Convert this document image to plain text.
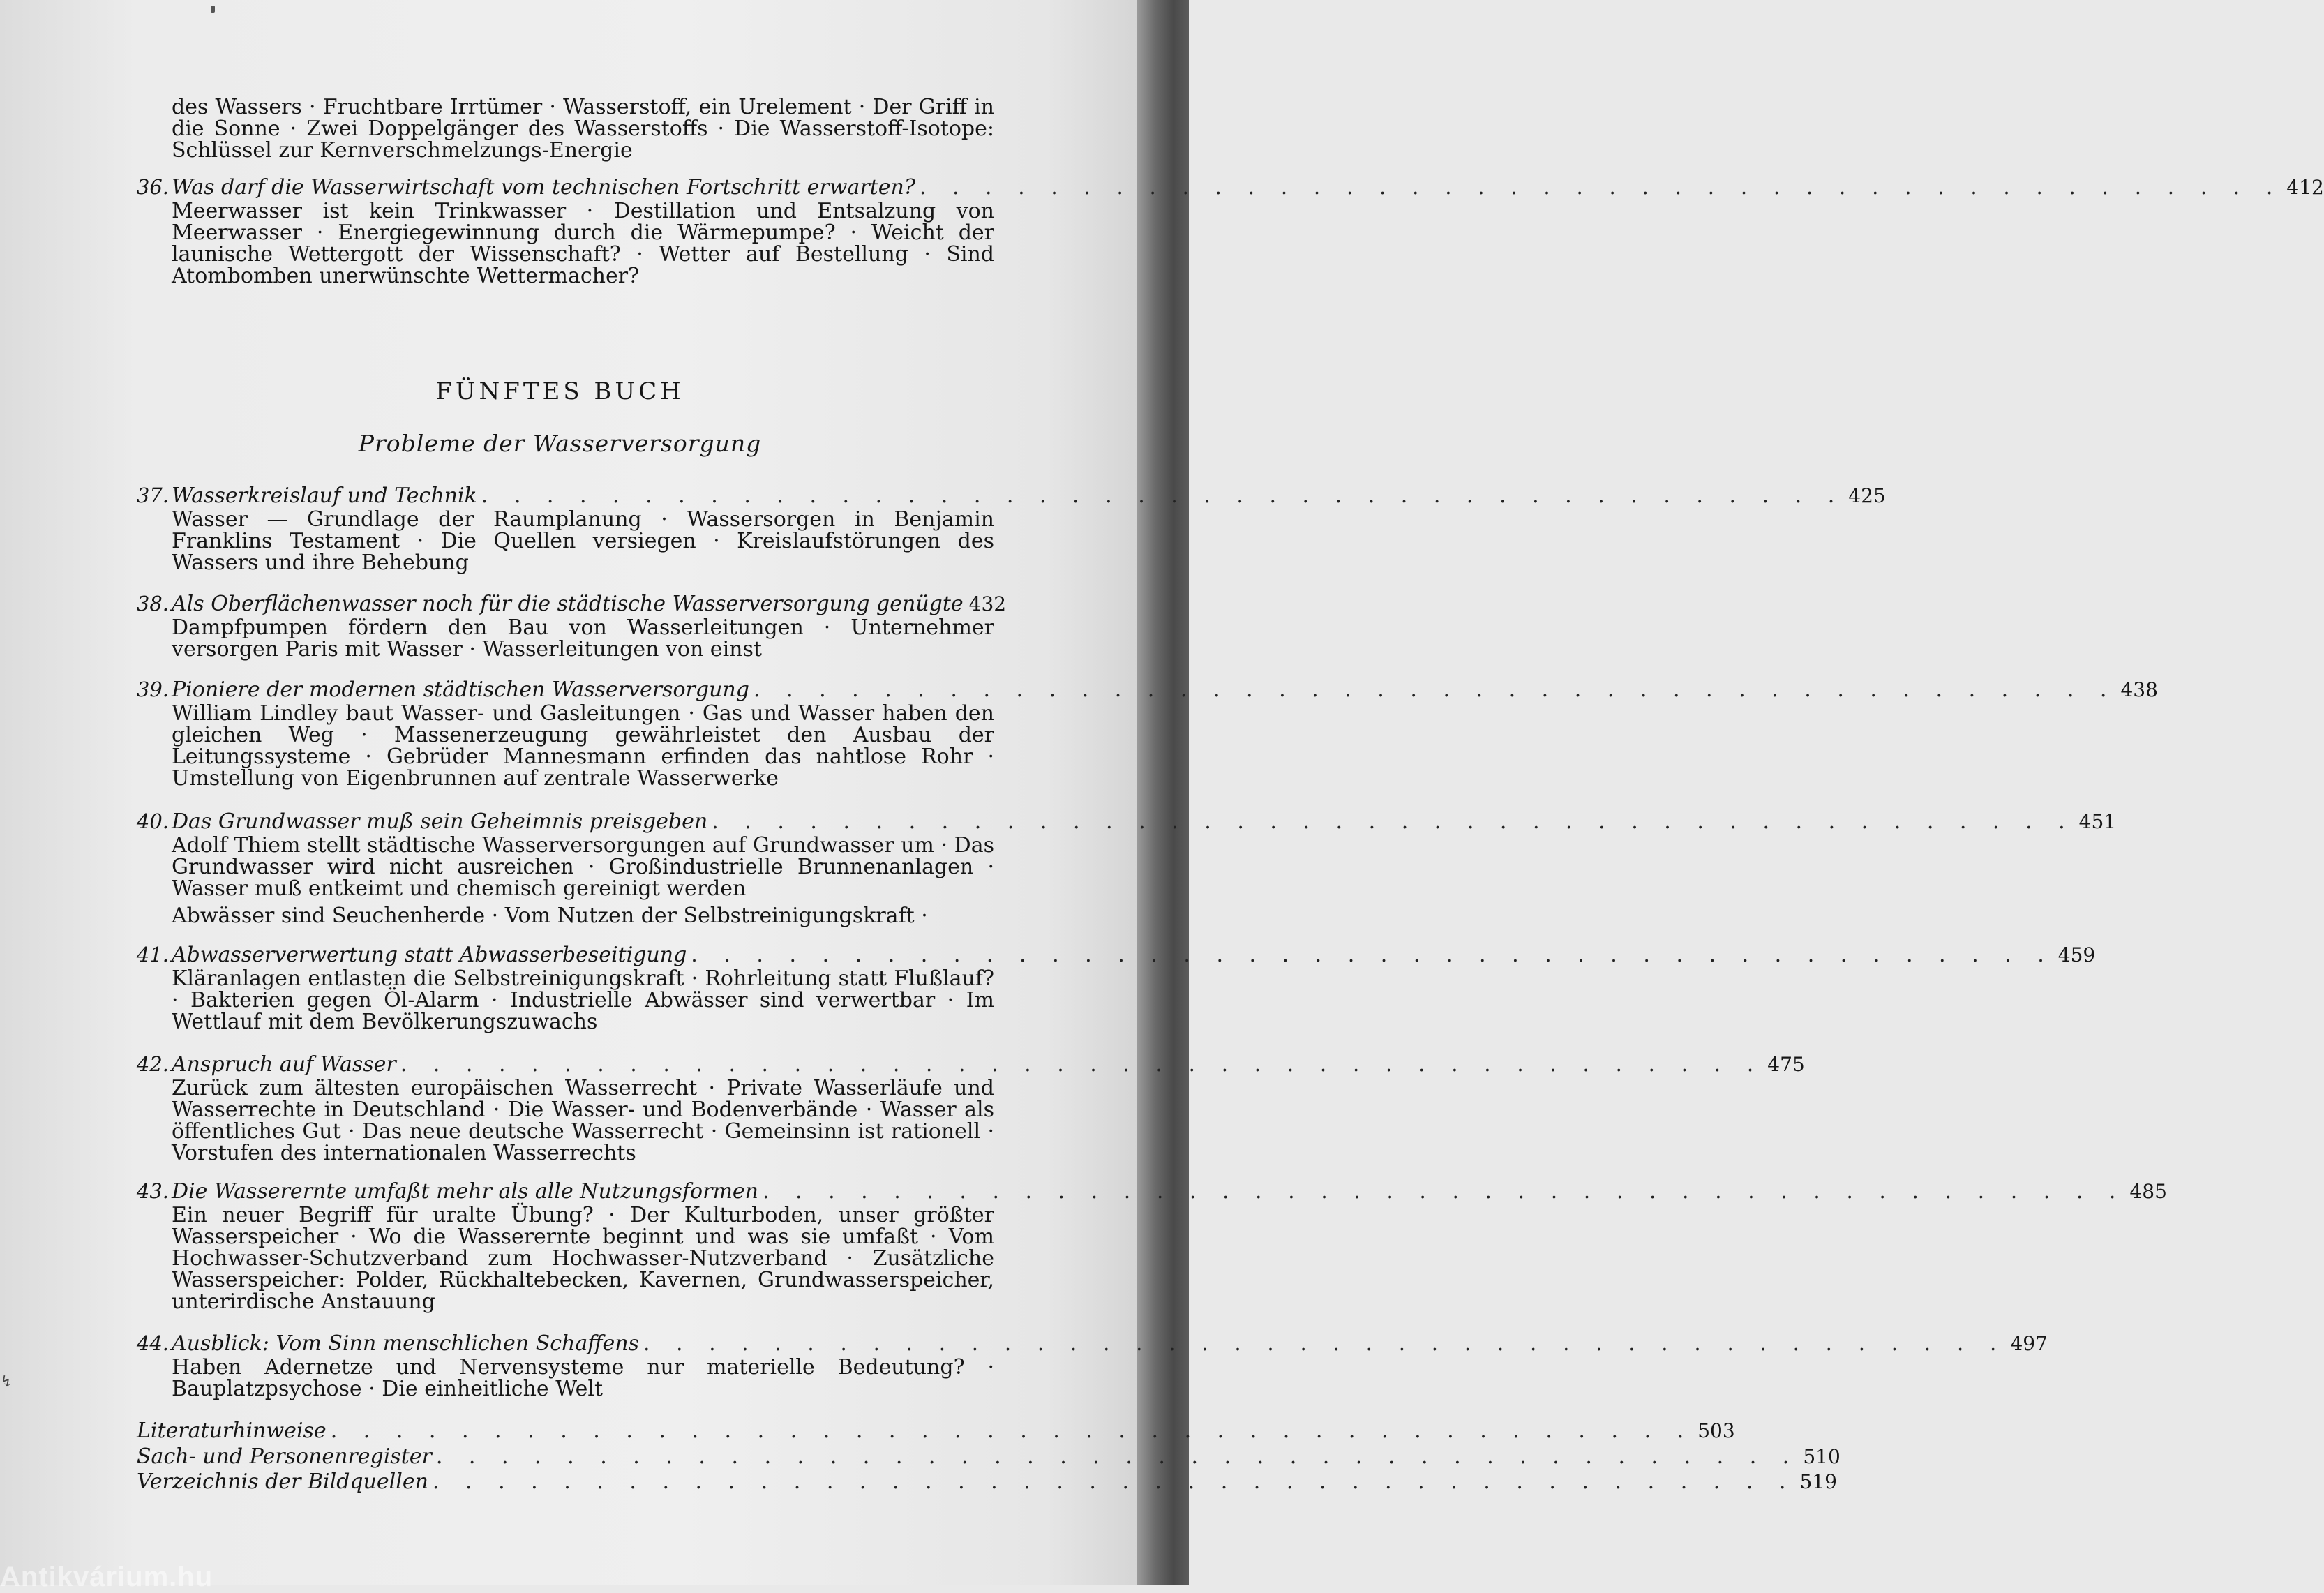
↯
des Wassers · Fruchtbare Irrtümer · Wasserstoff, ein Urelement · Der Griff in die Sonne · Zwei Doppelgänger des Wasserstoffs · Die Wasserstoff-Isotope: Schlüssel zur Kernverschmelzungs-Energie
36. Was darf die Wasserwirtschaft vom technischen Fortschritt erwarten? . . . . . . . . . . . . . . . . . . . . . . . . . . . . . . . . . . . . . . . . . . 412
Meerwasser ist kein Trinkwasser · Destillation und Entsalzung von Meerwasser · Energiegewinnung durch die Wärmepumpe? · Weicht der launische Wettergott der Wissenschaft? · Wetter auf Bestellung · Sind Atombomben unerwünschte Wettermacher?
FÜNFTES BUCH
Probleme der Wasserversorgung
37. Wasserkreislauf und Technik . . . . . . . . . . . . . . . . . . . . . . . . . . . . . . . . . . . . . . . . . . 425
Wasser — Grundlage der Raumplanung · Wassersorgen in Benjamin Franklins Testament · Die Quellen versiegen · Kreislaufstörungen des Wassers und ihre Behebung
38. Als Oberflächenwasser noch für die städtische Wasserversorgung genügte 432
Dampfpumpen fördern den Bau von Wasserleitungen · Unternehmer versorgen Paris mit Wasser · Wasserleitungen von einst
39. Pioniere der modernen städtischen Wasserversorgung . . . . . . . . . . . . . . . . . . . . . . . . . . . . . . . . . . . . . . . . . . 438
William Lindley baut Wasser- und Gasleitungen · Gas und Wasser haben den gleichen Weg · Massenerzeugung gewährleistet den Ausbau der Leitungssysteme · Gebrüder Mannesmann erfinden das nahtlose Rohr · Umstellung von Eigenbrunnen auf zentrale Wasserwerke
40. Das Grundwasser muß sein Geheimnis preisgeben . . . . . . . . . . . . . . . . . . . . . . . . . . . . . . . . . . . . . . . . . . 451
Adolf Thiem stellt städtische Wasserversorgungen auf Grundwasser um · Das Grundwasser wird nicht ausreichen · Großindustrielle Brunnenanlagen · Wasser muß entkeimt und chemisch gereinigt werden
Abwässer sind Seuchenherde · Vom Nutzen der Selbstreinigungskraft ·
41. Abwasserverwertung statt Abwasserbeseitigung . . . . . . . . . . . . . . . . . . . . . . . . . . . . . . . . . . . . . . . . . . 459
Kläranlagen entlasten die Selbstreinigungskraft · Rohrleitung statt Flußlauf? · Bakterien gegen Öl-Alarm · Industrielle Abwässer sind verwertbar · Im Wettlauf mit dem Bevölkerungszuwachs
42. Anspruch auf Wasser . . . . . . . . . . . . . . . . . . . . . . . . . . . . . . . . . . . . . . . . . . 475
Zurück zum ältesten europäischen Wasserrecht · Private Wasserläufe und Wasserrechte in Deutschland · Die Wasser- und Bodenverbände · Wasser als öffentliches Gut · Das neue deutsche Wasserrecht · Gemeinsinn ist rationell · Vorstufen des internationalen Wasserrechts
43. Die Wasserernte umfaßt mehr als alle Nutzungsformen . . . . . . . . . . . . . . . . . . . . . . . . . . . . . . . . . . . . . . . . . . 485
Ein neuer Begriff für uralte Übung? · Der Kulturboden, unser größter Wasserspeicher · Wo die Wasserernte beginnt und was sie umfaßt · Vom Hochwasser-Schutzverband zum Hochwasser-Nutzverband · Zusätzliche Wasserspeicher: Polder, Rückhaltebecken, Kavernen, Grundwasserspeicher, unterirdische Anstauung
44. Ausblick: Vom Sinn menschlichen Schaffens . . . . . . . . . . . . . . . . . . . . . . . . . . . . . . . . . . . . . . . . . . 497
Haben Adernetze und Nervensysteme nur materielle Bedeutung? · Bauplatzpsychose · Die einheitliche Welt
Literaturhinweise . . . . . . . . . . . . . . . . . . . . . . . . . . . . . . . . . . . . . . . . . . 503
Sach- und Personenregister . . . . . . . . . . . . . . . . . . . . . . . . . . . . . . . . . . . . . . . . . . 510
Verzeichnis der Bildquellen . . . . . . . . . . . . . . . . . . . . . . . . . . . . . . . . . . . . . . . . . . 519
Antikvárium.hu
